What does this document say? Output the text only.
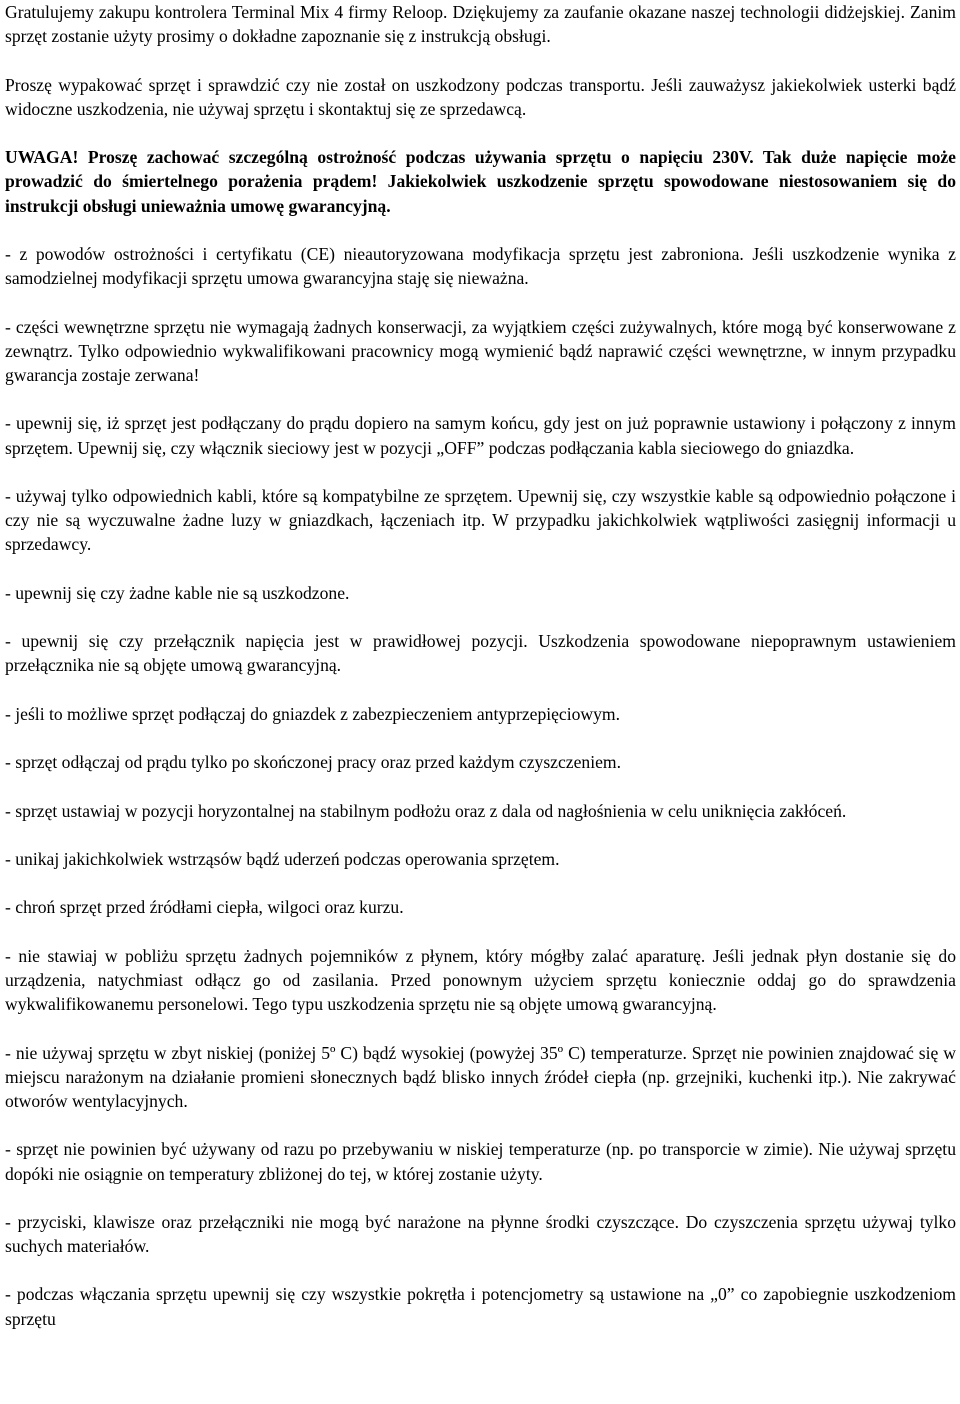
Gratulujemy zakupu kontrolera Terminal Mix 4 firmy Reloop. Dziękujemy za zaufanie okazane naszej technologii didżejskiej. Zanim sprzęt zostanie użyty prosimy o dokładne zapoznanie się z instrukcją obsługi.

Proszę wypakować sprzęt i sprawdzić czy nie został on uszkodzony podczas transportu. Jeśli zauważysz jakiekolwiek usterki bądź widoczne uszkodzenia, nie używaj sprzętu i skontaktuj się ze sprzedawcą.

UWAGA! Proszę zachować szczególną ostrożność podczas używania sprzętu o napięciu 230V. Tak duże napięcie może prowadzić do śmiertelnego porażenia prądem! Jakiekolwiek uszkodzenie sprzętu spowodowane niestosowaniem się do instrukcji obsługi unieważnia umowę gwarancyjną.

- z powodów ostrożności i certyfikatu (CE) nieautoryzowana modyfikacja sprzętu jest zabroniona. Jeśli uszkodzenie wynika z samodzielnej modyfikacji sprzętu umowa gwarancyjna staję się nieważna.

- części wewnętrzne sprzętu nie wymagają żadnych konserwacji, za wyjątkiem części zużywalnych, które mogą być konserwowane z zewnątrz. Tylko odpowiednio wykwalifikowani pracownicy mogą wymienić bądź naprawić części wewnętrzne, w innym przypadku gwarancja zostaje zerwana!

- upewnij się, iż sprzęt jest podłączany do prądu dopiero na samym końcu, gdy jest on już poprawnie ustawiony i połączony z innym sprzętem. Upewnij się, czy włącznik sieciowy jest w pozycji „OFF” podczas podłączania kabla sieciowego do gniazdka.

- używaj tylko odpowiednich kabli, które są kompatybilne ze sprzętem. Upewnij się, czy wszystkie kable są odpowiednio połączone i czy nie są wyczuwalne żadne luzy w gniazdkach, łączeniach itp. W przypadku jakichkolwiek wątpliwości zasięgnij informacji u sprzedawcy.

- upewnij się czy żadne kable nie są uszkodzone.

- upewnij się czy przełącznik napięcia jest w prawidłowej pozycji. Uszkodzenia spowodowane niepoprawnym ustawieniem przełącznika nie są objęte umową gwarancyjną.

- jeśli to możliwe sprzęt podłączaj do gniazdek z zabezpieczeniem antyprzepięciowym.

- sprzęt odłączaj od prądu tylko po skończonej pracy oraz przed każdym czyszczeniem.

- sprzęt ustawiaj w pozycji horyzontalnej na stabilnym podłożu oraz z dala od nagłośnienia w celu uniknięcia zakłóceń.

- unikaj jakichkolwiek wstrząsów bądź uderzeń podczas operowania sprzętem.

- chroń sprzęt przed źródłami ciepła, wilgoci oraz kurzu.

- nie stawiaj w pobliżu sprzętu żadnych pojemników z płynem, który mógłby zalać aparaturę. Jeśli jednak płyn dostanie się do urządzenia, natychmiast odłącz go od zasilania. Przed ponownym użyciem sprzętu koniecznie oddaj go do sprawdzenia wykwalifikowanemu personelowi. Tego typu uszkodzenia sprzętu nie są objęte umową gwarancyjną.

- nie używaj sprzętu w zbyt niskiej (poniżej 5º C) bądź wysokiej (powyżej 35º C) temperaturze. Sprzęt nie powinien znajdować się w miejscu narażonym na działanie promieni słonecznych bądź blisko innych źródeł ciepła (np. grzejniki, kuchenki itp.). Nie zakrywać otworów wentylacyjnych.

- sprzęt nie powinien być używany od razu po przebywaniu w niskiej temperaturze (np. po transporcie w zimie). Nie używaj sprzętu dopóki nie osiągnie on temperatury zbliżonej do tej, w której zostanie użyty.

- przyciski, klawisze oraz przełączniki nie mogą być narażone na płynne środki czyszczące. Do czyszczenia sprzętu używaj tylko suchych materiałów.

- podczas włączania sprzętu upewnij się czy wszystkie pokrętła i potencjometry są ustawione na „0” co zapobiegnie uszkodzeniom sprzętu
